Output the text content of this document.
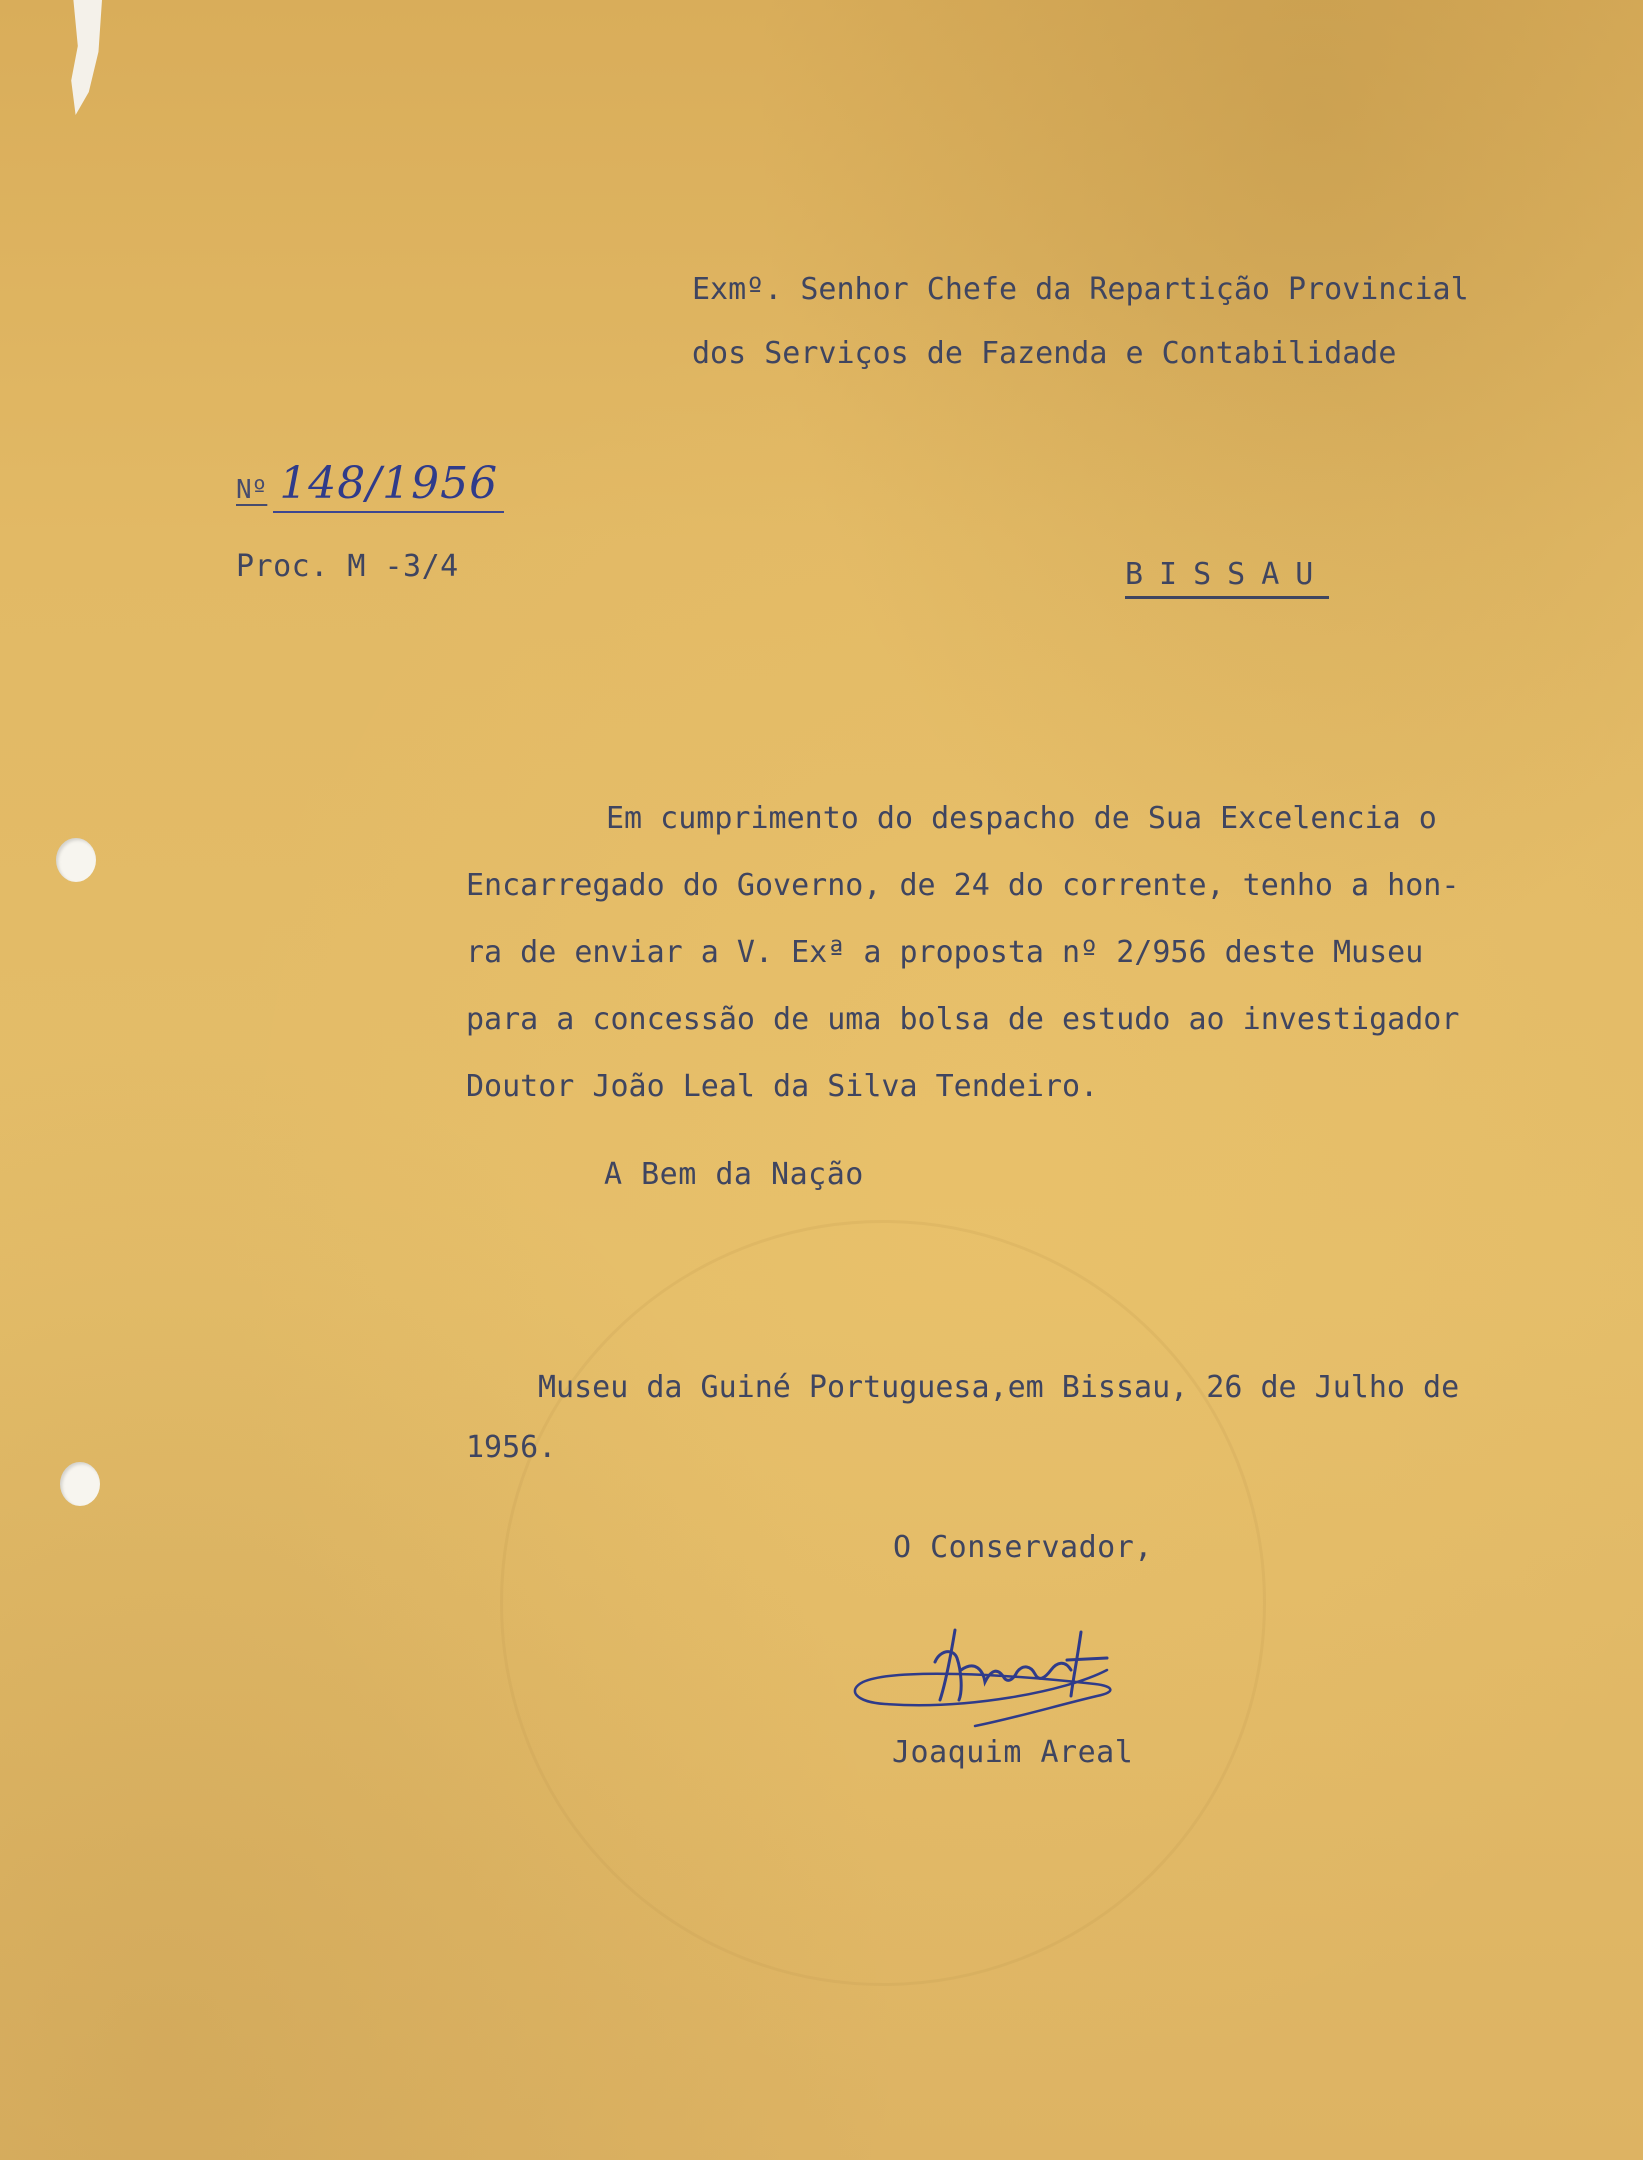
Exmº. Senhor Chefe da Repartição Provincial
dos Serviços de Fazenda e Contabilidade
Nº 148/1956
Proc. M -3/4	BISSAU
Em cumprimento do despacho de Sua Excelencia o
Encarregado do Governo, de 24 do corrente, tenho a hon-
ra de enviar a V. Exª a proposta nº 2/956 deste Museu
para a concessão de uma bolsa de estudo ao investigador
Doutor João Leal da Silva Tendeiro.
A Bem da Nação
Museu da Guiné Portuguesa,em Bissau, 26 de Julho de
1956.
O Conservador,
Joaquim Areal
